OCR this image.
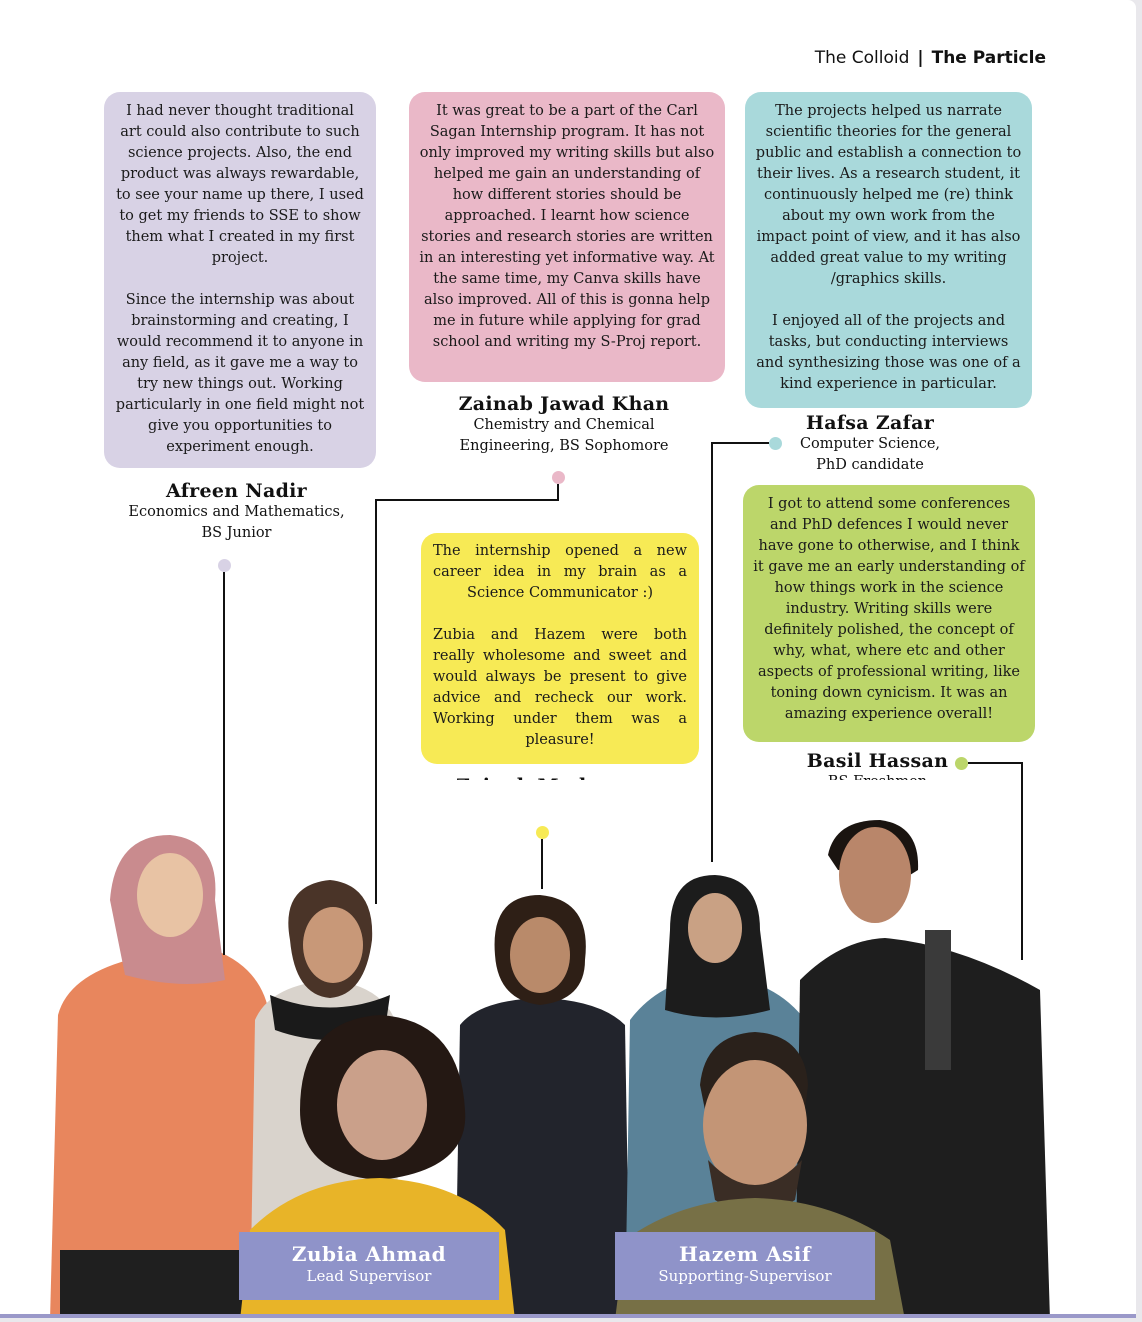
The Colloid | The Particle

I had never thought traditional art could also contribute to such science projects. Also, the end product was always rewardable, to see your name up there, I used to get my friends to SSE to show them what I created in my first project.

Since the internship was about brainstorming and creating, I would recommend it to anyone in any field, as it gave me a way to try new things out. Working particularly in one field might not give you opportunities to experiment enough.

Afreen Nadir
Economics and Mathematics,
BS Junior

It was great to be a part of the Carl Sagan Internship program. It has not only improved my writing skills but also helped me gain an understanding of how different stories should be approached. I learnt how science stories and research stories are written in an interesting yet informative way. At the same time, my Canva skills have also improved. All of this is gonna help me in future while applying for grad school and writing my S-Proj report.

Zainab Jawad Khan
Chemistry and Chemical
Engineering, BS Sophomore

The projects helped us narrate scientific theories for the general public and establish a connection to their lives. As a research student, it continuously helped me (re) think about my own work from the impact point of view, and it has also added great value to my writing /graphics skills.

I enjoyed all of the projects and tasks, but conducting interviews and synthesizing those was one of a kind experience in particular.

Hafsa Zafar
Computer Science,
PhD candidate

The internship opened a new career idea in my brain as a Science Communicator :)

Zubia and Hazem were both really wholesome and sweet and would always be present to give advice and recheck our work. Working under them was a pleasure!

I got to attend some conferences and PhD defences I would never have gone to otherwise, and I think it gave me an early understanding of how things work in the science industry. Writing skills were definitely polished, the concept of why, what, where etc and other aspects of professional writing, like toning down cynicism. It was an amazing experience overall!

Basil Hassan
Zubia Ahmad
Lead Supervisor
Hazem Asif
Supporting-Supervisor
